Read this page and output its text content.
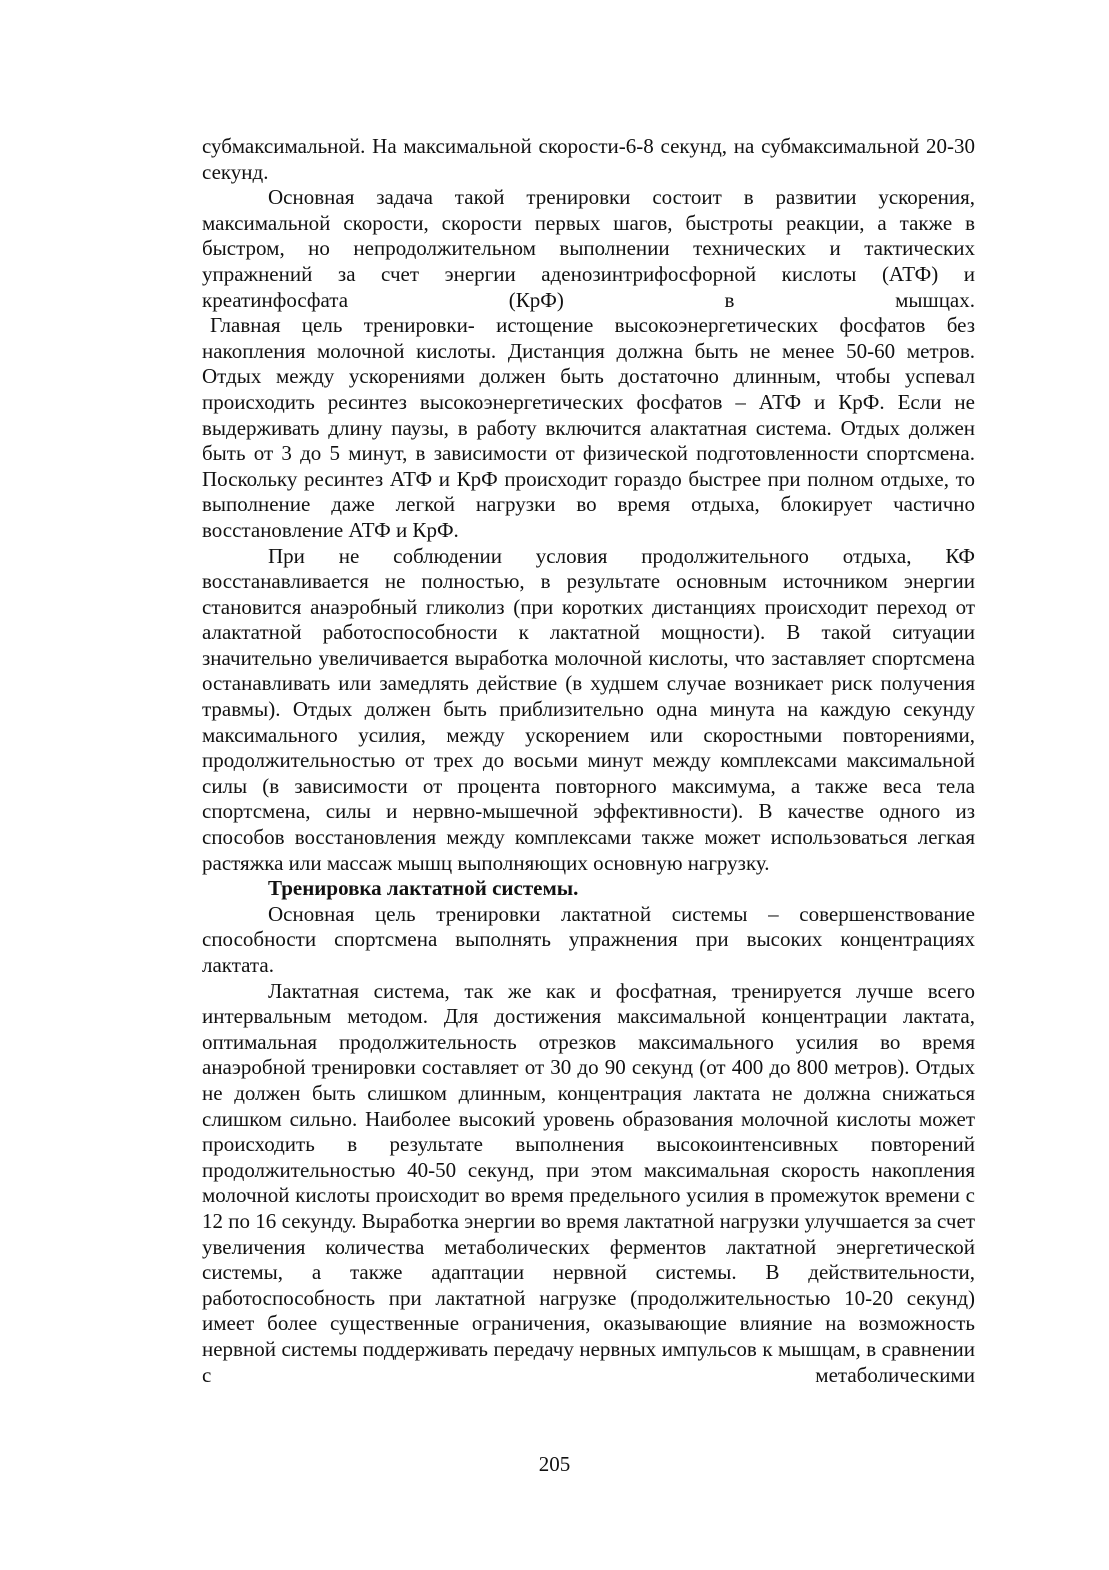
субмаксимальной. На максимальной скорости-6-8 секунд, на субмаксимальной 20-30 секунд.

Основная задача такой тренировки состоит в развитии ускорения, максимальной скорости, скорости первых шагов, быстроты реакции, а также в быстром, но непродолжительном выполнении технических и тактических упражнений за счет энергии аденозинтрифосфорной кислоты (АТФ) и креатинфосфата (КрФ) в мышцах.

Главная цель тренировки- истощение высокоэнергетических фосфатов без накопления молочной кислоты. Дистанция должна быть не менее 50-60 метров. Отдых между ускорениями должен быть достаточно длинным, чтобы успевал происходить ресинтез высокоэнергетических фосфатов – АТФ и КрФ. Если не выдерживать длину паузы, в работу включится алактатная система. Отдых должен быть от 3 до 5 минут, в зависимости от физической подготовленности спортсмена. Поскольку ресинтез АТФ и КрФ происходит гораздо быстрее при полном отдыхе, то выполнение даже легкой нагрузки во время отдыха, блокирует частично восстановление АТФ и КрФ.

При не соблюдении условия продолжительного отдыха, КФ восстанавливается не полностью, в результате основным источником энергии становится анаэробный гликолиз (при коротких дистанциях происходит переход от алактатной работоспособности к лактатной мощности). В такой ситуации значительно увеличивается выработка молочной кислоты, что заставляет спортсмена останавливать или замедлять действие (в худшем случае возникает риск получения травмы). Отдых должен быть приблизительно одна минута на каждую секунду максимального усилия, между ускорением или скоростными повторениями, продолжительностью от трех до восьми минут между комплексами максимальной силы (в зависимости от процента повторного максимума, а также веса тела спортсмена, силы и нервно-мышечной эффективности). В качестве одного из способов восстановления между комплексами также может использоваться легкая растяжка или массаж мышц выполняющих основную нагрузку.

Тренировка лактатной системы.

Основная цель тренировки лактатной системы – совершенствование способности спортсмена выполнять упражнения при высоких концентрациях лактата.

Лактатная система, так же как и фосфатная, тренируется лучше всего интервальным методом. Для достижения максимальной концентрации лактата, оптимальная продолжительность отрезков максимального усилия во время анаэробной тренировки составляет от 30 до 90 секунд (от 400 до 800 метров). Отдых не должен быть слишком длинным, концентрация лактата не должна снижаться слишком сильно. Наиболее высокий уровень образования молочной кислоты может происходить в результате выполнения высокоинтенсивных повторений продолжительностью 40-50 секунд, при этом максимальная скорость накопления молочной кислоты происходит во время предельного усилия в промежуток времени с 12 по 16 секунду. Выработка энергии во время лактатной нагрузки улучшается за счет увеличения количества метаболических ферментов лактатной энергетической системы, а также адаптации нервной системы. В действительности, работоспособность при лактатной нагрузке (продолжительностью 10-20 секунд) имеет более существенные ограничения, оказывающие влияние на возможность нервной системы поддерживать передачу нервных импульсов к мышцам, в сравнении с метаболическими

205
